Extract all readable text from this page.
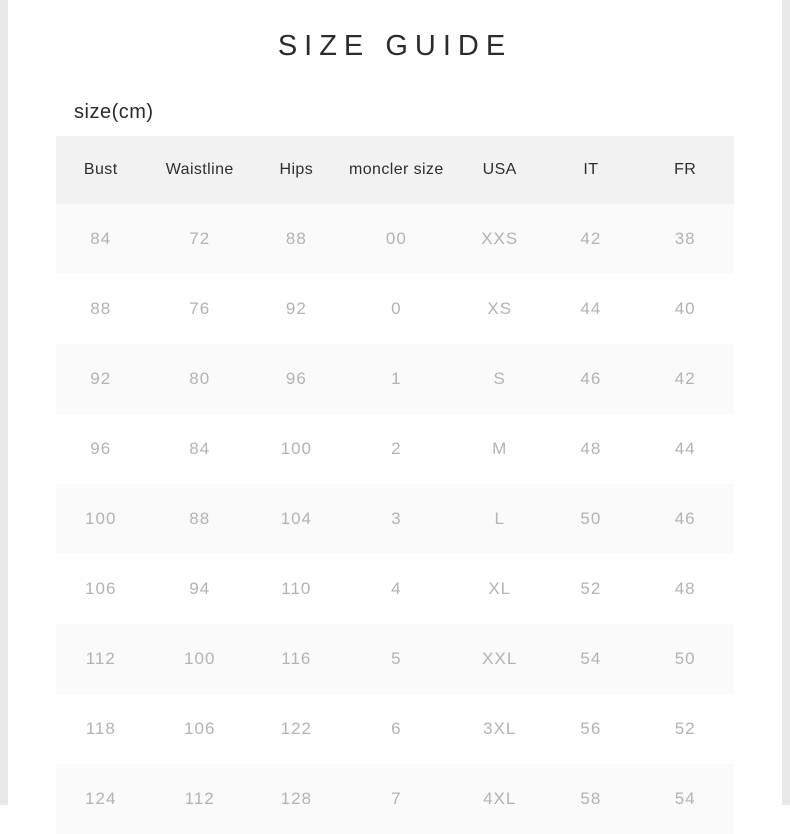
SIZE GUIDE
size(cm)
Bust	Waistline	Hips	moncler size	USA	IT	FR
84	72	88	00	XXS	42	38
88	76	92	0	XS	44	40
92	80	96	1	S	46	42
96	84	100	2	M	48	44
100	88	104	3	L	50	46
106	94	110	4	XL	52	48
112	100	116	5	XXL	54	50
118	106	122	6	3XL	56	52
124	112	128	7	4XL	58	54
